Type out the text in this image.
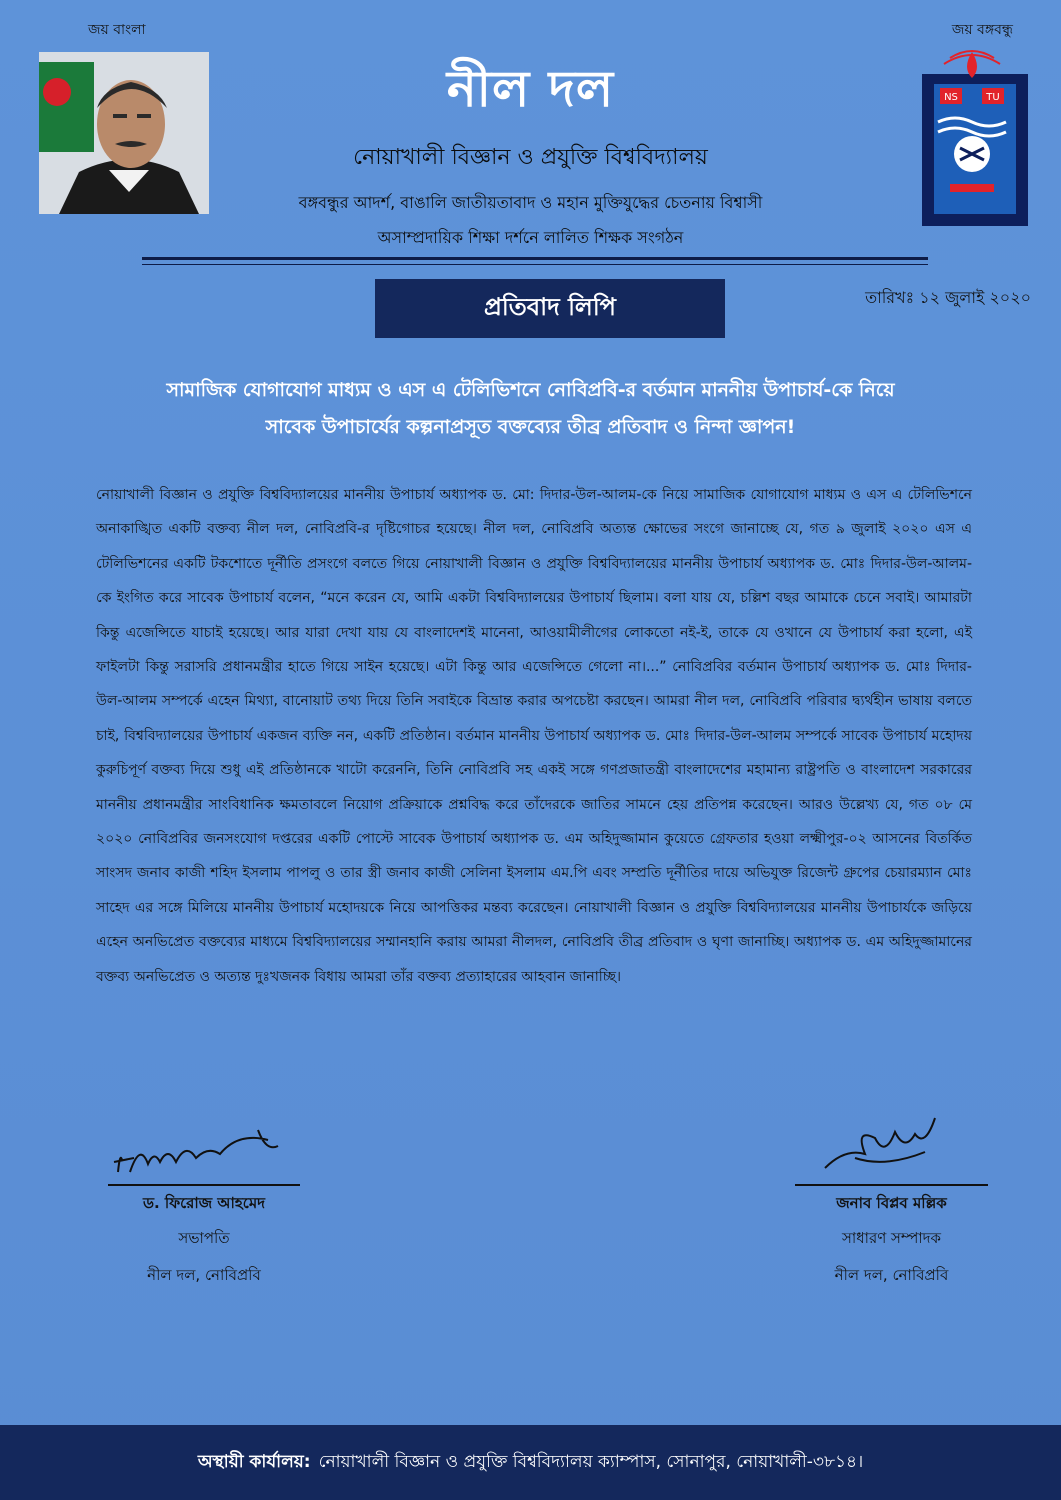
জয় বাংলা	জয় বঙ্গবন্ধু
NS	TU
নীল দল
নোয়াখালী বিজ্ঞান ও প্রযুক্তি বিশ্ববিদ্যালয়
বঙ্গবন্ধুর আদর্শ, বাঙালি জাতীয়তাবাদ ও মহান মুক্তিযুদ্ধের চেতনায় বিশ্বাসী
অসাম্প্রদায়িক শিক্ষা দর্শনে লালিত শিক্ষক সংগঠন
প্রতিবাদ লিপি	তারিখঃ ১২ জুলাই ২০২০
সামাজিক যোগাযোগ মাধ্যম ও এস এ টেলিভিশনে নোবিপ্রবি-র বর্তমান মাননীয় উপাচার্য-কে নিয়ে
সাবেক উপাচার্যের কল্পনাপ্রসূত বক্তব্যের তীব্র প্রতিবাদ ও নিন্দা জ্ঞাপন!
নোয়াখালী বিজ্ঞান ও প্রযুক্তি বিশ্ববিদ্যালয়ের মাননীয় উপাচার্য অধ্যাপক ড. মো: দিদার-উল-আলম-কে নিয়ে সামাজিক যোগাযোগ মাধ্যম ও এস এ টেলিভিশনে অনাকাঙ্খিত একটি বক্তব্য নীল দল, নোবিপ্রবি-র দৃষ্টিগোচর হয়েছে। নীল দল, নোবিপ্রবি অত্যন্ত ক্ষোভের সংগে জানাচ্ছে যে, গত ৯ জুলাই ২০২০ এস এ টেলিভিশনের একটি টকশোতে দূর্নীতি প্রসংগে বলতে গিয়ে নোয়াখালী বিজ্ঞান ও প্রযুক্তি বিশ্ববিদ্যালয়ের মাননীয় উপাচার্য অধ্যাপক ড. মোঃ দিদার-উল-আলম-কে ইংগিত করে সাবেক উপাচার্য বলেন, “মনে করেন যে, আমি একটা বিশ্ববিদ্যালয়ের উপাচার্য ছিলাম। বলা যায় যে, চল্লিশ বছর আমাকে চেনে সবাই। আমারটা কিন্তু এজেন্সিতে যাচাই হয়েছে। আর যারা দেখা যায় যে বাংলাদেশই মানেনা, আওয়ামীলীগের লোকতো নই-ই, তাকে যে ওখানে যে উপাচার্য করা হলো, এই ফাইলটা কিন্তু সরাসরি প্রধানমন্ত্রীর হাতে গিয়ে সাইন হয়েছে। এটা কিন্তু আর এজেন্সিতে গেলো না।...” নোবিপ্রবির বর্তমান উপাচার্য অধ্যাপক ড. মোঃ দিদার-উল-আলম সম্পর্কে এহেন মিথ্যা, বানোয়াট তথ্য দিয়ে তিনি সবাইকে বিভ্রান্ত করার অপচেষ্টা করছেন। আমরা নীল দল, নোবিপ্রবি পরিবার দ্ব্যর্থহীন ভাষায় বলতে চাই, বিশ্ববিদ্যালয়ের উপাচার্য একজন ব্যক্তি নন, একটি প্রতিষ্ঠান। বর্তমান মাননীয় উপাচার্য অধ্যাপক ড. মোঃ দিদার-উল-আলম সম্পর্কে সাবেক উপাচার্য মহোদয় কুরুচিপূর্ণ বক্তব্য দিয়ে শুধু এই প্রতিষ্ঠানকে খাটো করেননি, তিনি নোবিপ্রবি সহ একই সঙ্গে গণপ্রজাতন্ত্রী বাংলাদেশের মহামান্য রাষ্ট্রপতি ও বাংলাদেশ সরকারের মাননীয় প্রধানমন্ত্রীর সাংবিধানিক ক্ষমতাবলে নিয়োগ প্রক্রিয়াকে প্রশ্নবিদ্ধ করে তাঁদেরকে জাতির সামনে হেয় প্রতিপন্ন করেছেন। আরও উল্লেখ্য যে, গত ০৮ মে ২০২০ নোবিপ্রবির জনসংযোগ দপ্তরের একটি পোস্টে সাবেক উপাচার্য অধ্যাপক ড. এম অহিদুজ্জামান কুয়েতে গ্রেফতার হওয়া লক্ষ্মীপুর-০২ আসনের বিতর্কিত সাংসদ জনাব কাজী শহিদ ইসলাম পাপলু ও তার স্ত্রী জনাব কাজী সেলিনা ইসলাম এম.পি এবং সম্প্রতি দূর্নীতির দায়ে অভিযুক্ত রিজেন্ট গ্রুপের চেয়ারম্যান মোঃ সাহেদ এর সঙ্গে মিলিয়ে মাননীয় উপাচার্য মহোদয়কে নিয়ে আপত্তিকর মন্তব্য করেছেন। নোয়াখালী বিজ্ঞান ও প্রযুক্তি বিশ্ববিদ্যালয়ের মাননীয় উপাচার্যকে জড়িয়ে এহেন অনভিপ্রেত বক্তব্যের মাধ্যমে বিশ্ববিদ্যালয়ের সম্মানহানি করায় আমরা নীলদল, নোবিপ্রবি তীব্র প্রতিবাদ ও ঘৃণা জানাচ্ছি। অধ্যাপক ড. এম অহিদুজ্জামানের বক্তব্য অনভিপ্রেত ও অত্যন্ত দুঃখজনক বিধায় আমরা তাঁর বক্তব্য প্রত্যাহারের আহবান জানাচ্ছি।
ড. ফিরোজ আহমেদ
সভাপতি
নীল দল, নোবিপ্রবি
জনাব বিপ্লব মল্লিক
সাধারণ সম্পাদক
নীল দল, নোবিপ্রবি
অস্থায়ী কার্যালয়: নোয়াখালী বিজ্ঞান ও প্রযুক্তি বিশ্ববিদ্যালয় ক্যাম্পাস, সোনাপুর, নোয়াখালী-৩৮১৪।
